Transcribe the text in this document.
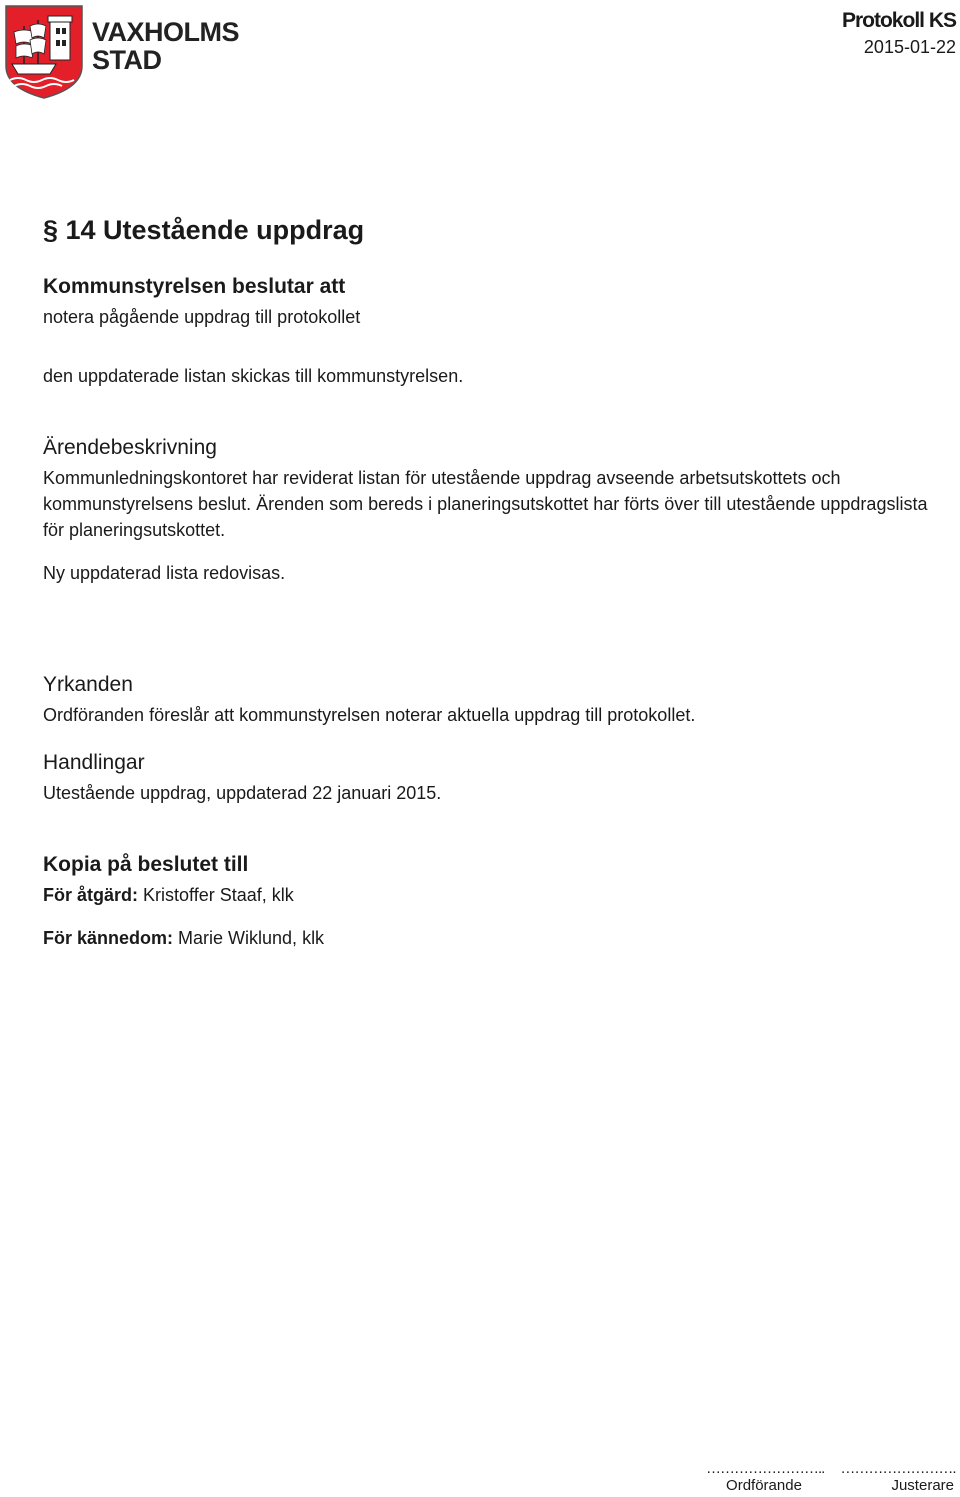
VAXHOLMS
STAD
Protokoll KS
2015-01-22
§ 14 Utestående uppdrag
Kommunstyrelsen beslutar att

notera pågående uppdrag till protokollet

den uppdaterade listan skickas till kommunstyrelsen.

Ärendebeskrivning

Kommunledningskontoret har reviderat listan för utestående uppdrag avseende arbetsutskottets och kommunstyrelsens beslut. Ärenden som bereds i planeringsutskottet har förts över till utestående uppdragslista för planeringsutskottet.

Ny uppdaterad lista redovisas.

Yrkanden

Ordföranden föreslår att kommunstyrelsen noterar aktuella uppdrag till protokollet.

Handlingar

Utestående uppdrag, uppdaterad 22 januari 2015.

Kopia på beslutet till

För åtgärd: Kristoffer Staaf, klk

För kännedom: Marie Wiklund, klk

……………………..
Ordförande
…………………….
Justerare
